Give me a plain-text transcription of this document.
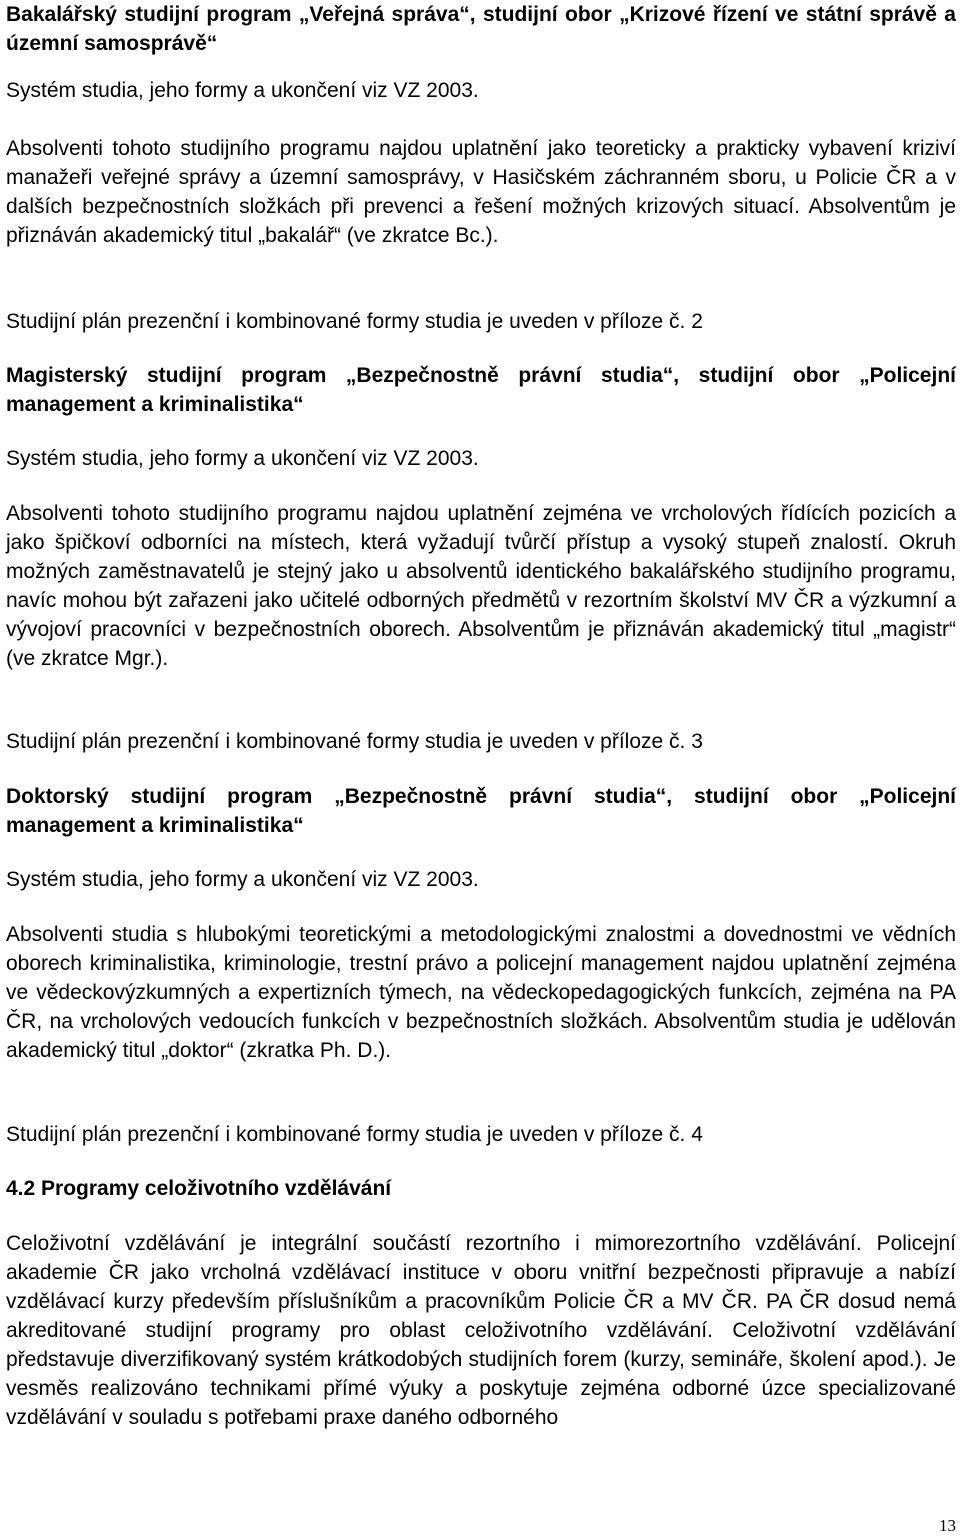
Bakalářský studijní program „Veřejná správa“, studijní obor „Krizové řízení ve státní správě a územní samosprávě“

Systém studia, jeho formy a ukončení viz VZ 2003.

Absolventi tohoto studijního programu najdou uplatnění jako teoreticky a prakticky vybavení kriziví manažeři veřejné správy a územní samosprávy, v Hasičském záchranném sboru, u Policie ČR a v dalších bezpečnostních složkách při prevenci a řešení možných krizových situací. Absolventům je přiznáván akademický titul „bakalář“ (ve zkratce Bc.).

Studijní plán prezenční i kombinované formy studia je uveden v příloze č. 2

Magisterský studijní program „Bezpečnostně právní studia“, studijní obor „Policejní management a kriminalistika“

Systém studia, jeho formy a ukončení viz VZ 2003.

Absolventi tohoto studijního programu najdou uplatnění zejména ve vrcholových řídících pozicích a jako špičkoví odborníci na místech, která vyžadují tvůrčí přístup a vysoký stupeň znalostí. Okruh možných zaměstnavatelů je stejný jako u absolventů identického bakalářského studijního programu, navíc mohou být zařazeni jako učitelé odborných předmětů v rezortním školství MV ČR a výzkumní a vývojoví pracovníci v bezpečnostních oborech. Absolventům je přiznáván akademický titul „magistr“ (ve zkratce Mgr.).

Studijní plán prezenční i kombinované formy studia je uveden v příloze č. 3

Doktorský studijní program „Bezpečnostně právní studia“, studijní obor „Policejní management a kriminalistika“

Systém studia, jeho formy a ukončení viz VZ 2003.

Absolventi studia s hlubokými teoretickými a metodologickými znalostmi a dovednostmi ve vědních oborech kriminalistika, kriminologie, trestní právo a policejní management najdou uplatnění zejména ve vědeckovýzkumných a expertizních týmech, na vědeckopedagogických funkcích, zejména na PA ČR, na vrcholových vedoucích funkcích v bezpečnostních složkách. Absolventům studia je udělován akademický titul „doktor“ (zkratka Ph. D.).

Studijní plán prezenční i kombinované formy studia je uveden v příloze č. 4

4.2 Programy celoživotního vzdělávání

Celoživotní vzdělávání je integrální součástí rezortního i mimorezortního vzdělávání. Policejní akademie ČR jako vrcholná vzdělávací instituce v oboru vnitřní bezpečnosti připravuje a nabízí vzdělávací kurzy především příslušníkům a pracovníkům Policie ČR a MV ČR. PA ČR dosud nemá akreditované studijní programy pro oblast celoživotního vzdělávání. Celoživotní vzdělávání představuje diverzifikovaný systém krátkodobých studijních forem (kurzy, semináře, školení apod.). Je vesměs realizováno technikami přímé výuky a poskytuje zejména odborné úzce specializované vzdělávání v souladu s potřebami praxe daného odborného

13
